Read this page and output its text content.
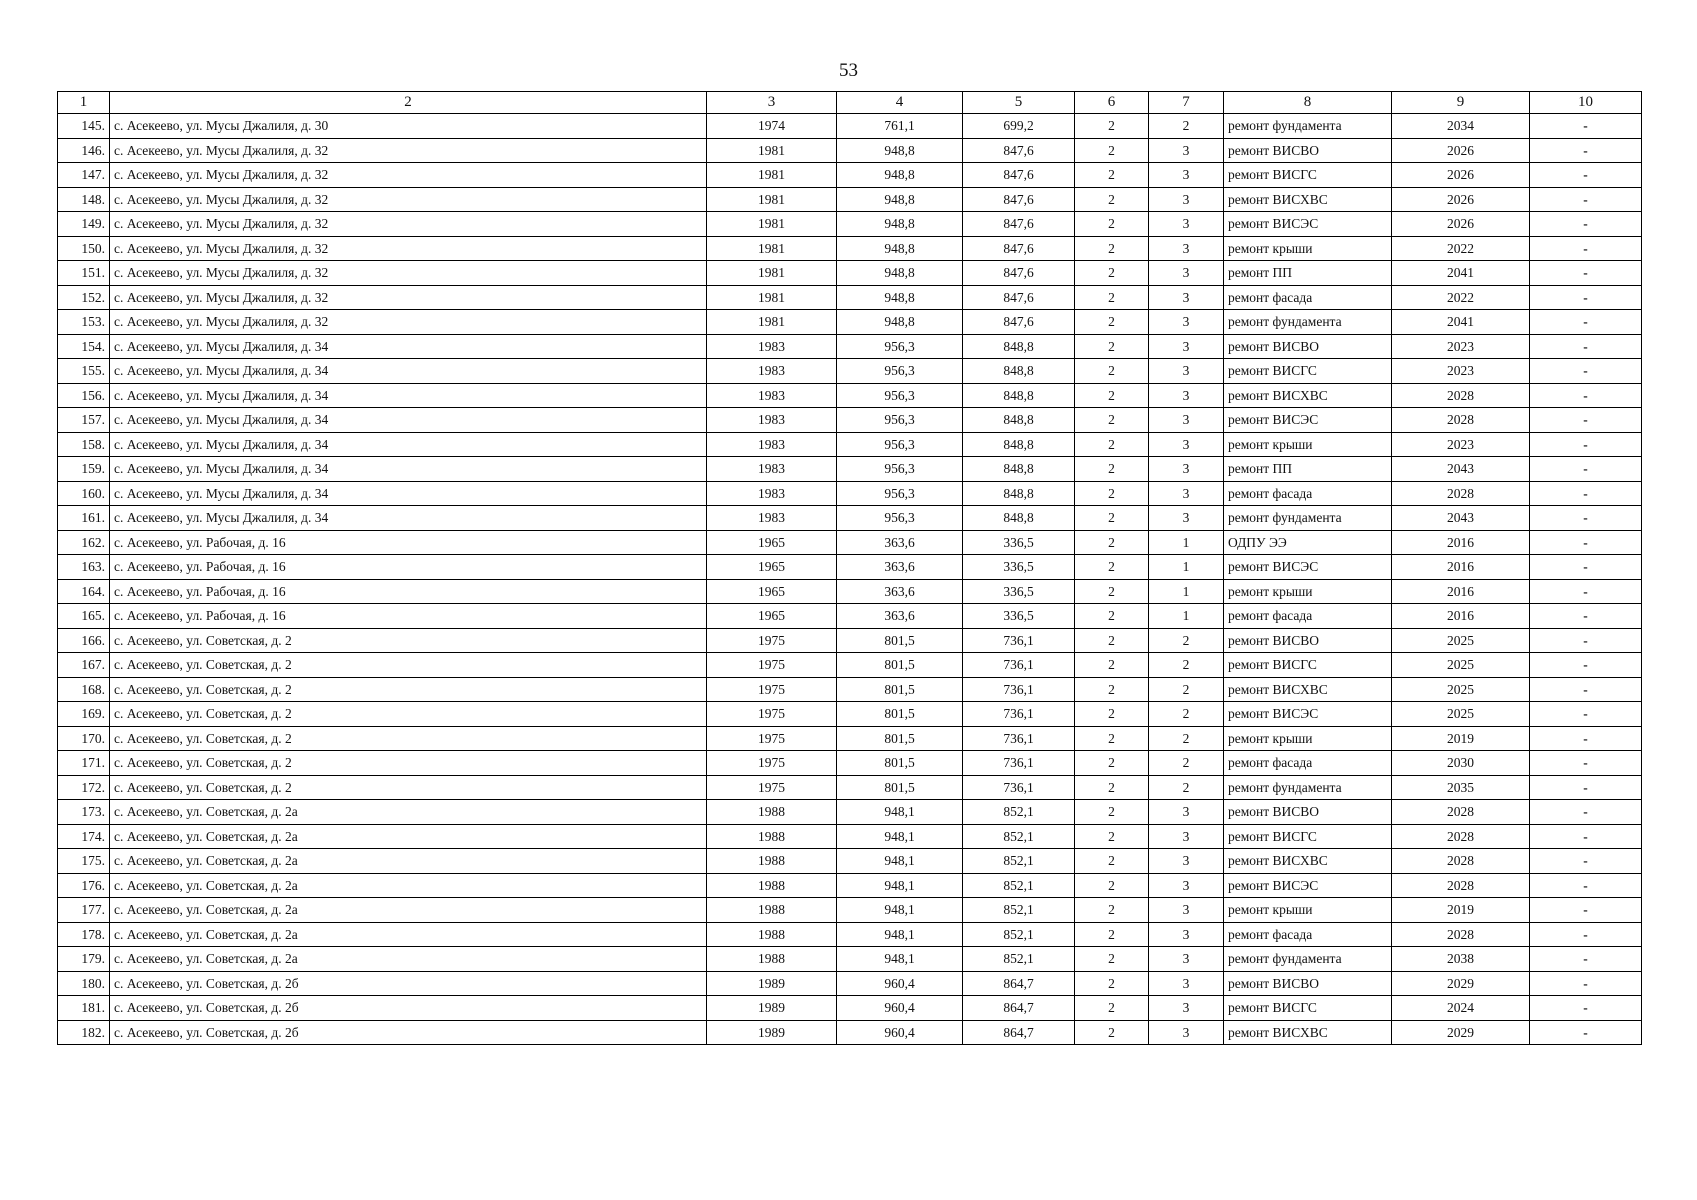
53
1	2	3	4	5	6	7	8	9	10
145.	с. Асекеево, ул. Мусы Джалиля, д. 30	1974	761,1	699,2	2	2	ремонт фундамента	2034	-
146.	с. Асекеево, ул. Мусы Джалиля, д. 32	1981	948,8	847,6	2	3	ремонт ВИСВО	2026	-
147.	с. Асекеево, ул. Мусы Джалиля, д. 32	1981	948,8	847,6	2	3	ремонт ВИСГС	2026	-
148.	с. Асекеево, ул. Мусы Джалиля, д. 32	1981	948,8	847,6	2	3	ремонт ВИСХВС	2026	-
149.	с. Асекеево, ул. Мусы Джалиля, д. 32	1981	948,8	847,6	2	3	ремонт ВИСЭС	2026	-
150.	с. Асекеево, ул. Мусы Джалиля, д. 32	1981	948,8	847,6	2	3	ремонт крыши	2022	-
151.	с. Асекеево, ул. Мусы Джалиля, д. 32	1981	948,8	847,6	2	3	ремонт ПП	2041	-
152.	с. Асекеево, ул. Мусы Джалиля, д. 32	1981	948,8	847,6	2	3	ремонт фасада	2022	-
153.	с. Асекеево, ул. Мусы Джалиля, д. 32	1981	948,8	847,6	2	3	ремонт фундамента	2041	-
154.	с. Асекеево, ул. Мусы Джалиля, д. 34	1983	956,3	848,8	2	3	ремонт ВИСВО	2023	-
155.	с. Асекеево, ул. Мусы Джалиля, д. 34	1983	956,3	848,8	2	3	ремонт ВИСГС	2023	-
156.	с. Асекеево, ул. Мусы Джалиля, д. 34	1983	956,3	848,8	2	3	ремонт ВИСХВС	2028	-
157.	с. Асекеево, ул. Мусы Джалиля, д. 34	1983	956,3	848,8	2	3	ремонт ВИСЭС	2028	-
158.	с. Асекеево, ул. Мусы Джалиля, д. 34	1983	956,3	848,8	2	3	ремонт крыши	2023	-
159.	с. Асекеево, ул. Мусы Джалиля, д. 34	1983	956,3	848,8	2	3	ремонт ПП	2043	-
160.	с. Асекеево, ул. Мусы Джалиля, д. 34	1983	956,3	848,8	2	3	ремонт фасада	2028	-
161.	с. Асекеево, ул. Мусы Джалиля, д. 34	1983	956,3	848,8	2	3	ремонт фундамента	2043	-
162.	с. Асекеево, ул. Рабочая, д. 16	1965	363,6	336,5	2	1	ОДПУ ЭЭ	2016	-
163.	с. Асекеево, ул. Рабочая, д. 16	1965	363,6	336,5	2	1	ремонт ВИСЭС	2016	-
164.	с. Асекеево, ул. Рабочая, д. 16	1965	363,6	336,5	2	1	ремонт крыши	2016	-
165.	с. Асекеево, ул. Рабочая, д. 16	1965	363,6	336,5	2	1	ремонт фасада	2016	-
166.	с. Асекеево, ул. Советская, д. 2	1975	801,5	736,1	2	2	ремонт ВИСВО	2025	-
167.	с. Асекеево, ул. Советская, д. 2	1975	801,5	736,1	2	2	ремонт ВИСГС	2025	-
168.	с. Асекеево, ул. Советская, д. 2	1975	801,5	736,1	2	2	ремонт ВИСХВС	2025	-
169.	с. Асекеево, ул. Советская, д. 2	1975	801,5	736,1	2	2	ремонт ВИСЭС	2025	-
170.	с. Асекеево, ул. Советская, д. 2	1975	801,5	736,1	2	2	ремонт крыши	2019	-
171.	с. Асекеево, ул. Советская, д. 2	1975	801,5	736,1	2	2	ремонт фасада	2030	-
172.	с. Асекеево, ул. Советская, д. 2	1975	801,5	736,1	2	2	ремонт фундамента	2035	-
173.	с. Асекеево, ул. Советская, д. 2а	1988	948,1	852,1	2	3	ремонт ВИСВО	2028	-
174.	с. Асекеево, ул. Советская, д. 2а	1988	948,1	852,1	2	3	ремонт ВИСГС	2028	-
175.	с. Асекеево, ул. Советская, д. 2а	1988	948,1	852,1	2	3	ремонт ВИСХВС	2028	-
176.	с. Асекеево, ул. Советская, д. 2а	1988	948,1	852,1	2	3	ремонт ВИСЭС	2028	-
177.	с. Асекеево, ул. Советская, д. 2а	1988	948,1	852,1	2	3	ремонт крыши	2019	-
178.	с. Асекеево, ул. Советская, д. 2а	1988	948,1	852,1	2	3	ремонт фасада	2028	-
179.	с. Асекеево, ул. Советская, д. 2а	1988	948,1	852,1	2	3	ремонт фундамента	2038	-
180.	с. Асекеево, ул. Советская, д. 2б	1989	960,4	864,7	2	3	ремонт ВИСВО	2029	-
181.	с. Асекеево, ул. Советская, д. 2б	1989	960,4	864,7	2	3	ремонт ВИСГС	2024	-
182.	с. Асекеево, ул. Советская, д. 2б	1989	960,4	864,7	2	3	ремонт ВИСХВС	2029	-
